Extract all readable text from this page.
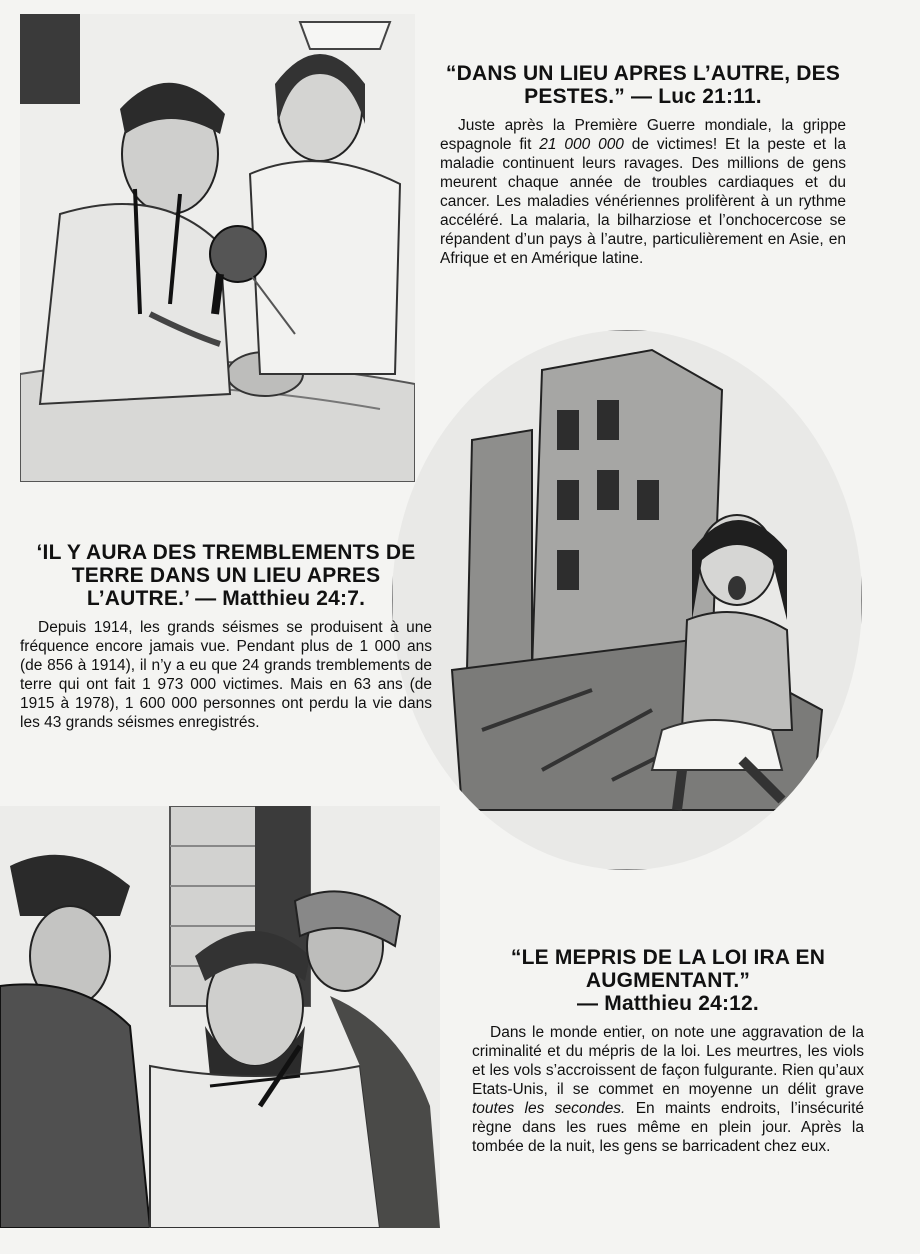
“DANS UN LIEU APRES L’AUTRE, DES PESTES.” — Luc 21:11.

Juste après la Première Guerre mondiale, la grippe espagnole fit 21 000 000 de victimes! Et la peste et la maladie continuent leurs ravages. Des millions de gens meurent chaque année de troubles cardiaques et du cancer. Les maladies vénériennes prolifèrent à un rythme accéléré. La malaria, la bilharziose et l’onchocercose se répandent d’un pays à l’autre, particulièrement en Asie, en Afrique et en Amérique latine.

‘IL Y AURA DES TREMBLEMENTS DE TERRE DANS UN LIEU APRES L’AUTRE.’ — Matthieu 24:7.

Depuis 1914, les grands séismes se produisent à une fréquence encore jamais vue. Pendant plus de 1 000 ans (de 856 à 1914), il n’y a eu que 24 grands tremblements de terre qui ont fait 1 973 000 victimes. Mais en 63 ans (de 1915 à 1978), 1 600 000 personnes ont perdu la vie dans les 43 grands séismes enregistrés.

“LE MEPRIS DE LA LOI IRA EN AUGMENTANT.”
— Matthieu 24:12.

Dans le monde entier, on note une aggravation de la criminalité et du mépris de la loi. Les meurtres, les viols et les vols s’accroissent de façon fulgurante. Rien qu’aux Etats-Unis, il se commet en moyenne un délit grave toutes les secondes. En maints endroits, l’insécurité règne dans les rues même en plein jour. Après la tombée de la nuit, les gens se barricadent chez eux.
